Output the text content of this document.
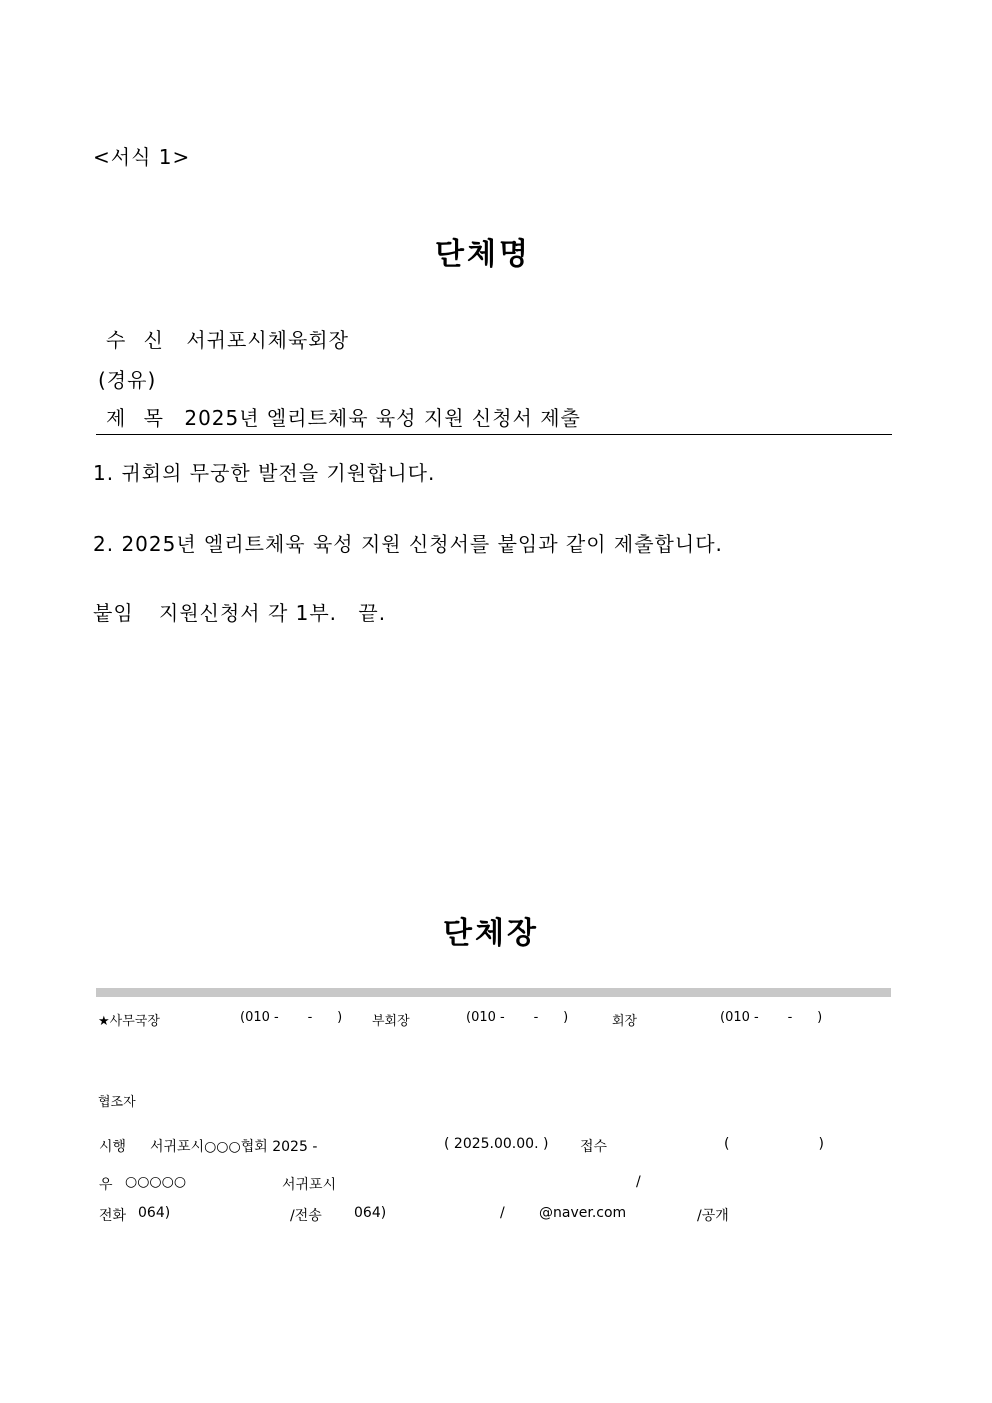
<서식 1>
단체명
수 신 서귀포시체육회장
(경유)
제 목 2025년 엘리트체육 육성 지원 신청서 제출
1. 귀회의 무궁한 발전을 기원합니다.
2. 2025년 엘리트체육 육성 지원 신청서를 붙임과 같이 제출합니다.
붙임 지원신청서 각 1부. 끝.
단체장
★사무국장	(010 -       -      ) 부회장	(010 -       -      )	회장	(010 -       -      )
협조자
시행 서귀포시○○○협회 2025 -	( 2025.00.00. ) 접수	(                    )
우 ○○○○○	서귀포시	/
전화 064)	/전송 064)	/ @naver.com	/공개
